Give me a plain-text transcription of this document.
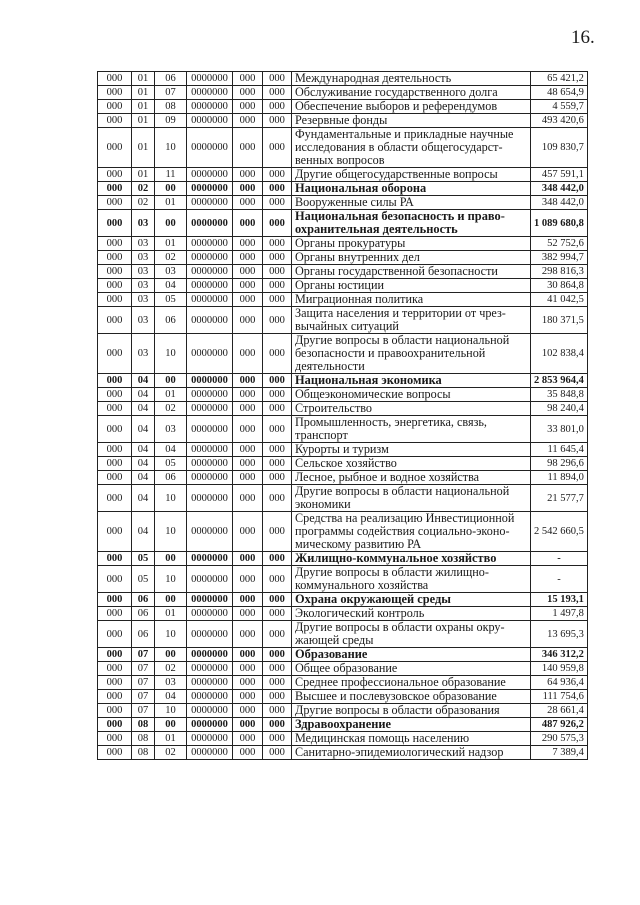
16.
000	01	06	0000000	000	000	Международная деятельность	65 421,2
000	01	07	0000000	000	000	Обслуживание государственного долга	48 654,9
000	01	08	0000000	000	000	Обеспечение выборов и референдумов	4 559,7
000	01	09	0000000	000	000	Резервные фонды	493 420,6
000	01	10	0000000	000	000	Фундаментальные и прикладные научные исследования в области общегосударст-венных вопросов	109 830,7
000	01	11	0000000	000	000	Другие общегосударственные вопросы	457 591,1
000	02	00	0000000	000	000	Национальная оборона	348 442,0
000	02	01	0000000	000	000	Вооруженные силы РА	348 442,0
000	03	00	0000000	000	000	Национальная безопасность и право-охранительная деятельность	1 089 680,8
000	03	01	0000000	000	000	Органы прокуратуры	52 752,6
000	03	02	0000000	000	000	Органы внутренних дел	382 994,7
000	03	03	0000000	000	000	Органы государственной безопасности	298 816,3
000	03	04	0000000	000	000	Органы юстиции	30 864,8
000	03	05	0000000	000	000	Миграционная политика	41 042,5
000	03	06	0000000	000	000	Защита населения и территории от чрез-вычайных ситуаций	180 371,5
000	03	10	0000000	000	000	Другие вопросы в области национальной безопасности и правоохранительной деятельности	102 838,4
000	04	00	0000000	000	000	Национальная экономика	2 853 964,4
000	04	01	0000000	000	000	Общеэкономические вопросы	35 848,8
000	04	02	0000000	000	000	Строительство	98 240,4
000	04	03	0000000	000	000	Промышленность, энергетика, связь, транспорт	33 801,0
000	04	04	0000000	000	000	Курорты и туризм	11 645,4
000	04	05	0000000	000	000	Сельское хозяйство	98 296,6
000	04	06	0000000	000	000	Лесное, рыбное и водное хозяйства	11 894,0
000	04	10	0000000	000	000	Другие вопросы в области национальной экономики	21 577,7
000	04	10	0000000	000	000	Средства на реализацию Инвестиционной программы содействия социально-эконо-мическому развитию РА	2 542 660,5
000	05	00	0000000	000	000	Жилищно-коммунальное хозяйство	-
000	05	10	0000000	000	000	Другие вопросы в области жилищно-коммунального хозяйства	-
000	06	00	0000000	000	000	Охрана окружающей среды	15 193,1
000	06	01	0000000	000	000	Экологический контроль	1 497,8
000	06	10	0000000	000	000	Другие вопросы в области охраны окру-жающей среды	13 695,3
000	07	00	0000000	000	000	Образование	346 312,2
000	07	02	0000000	000	000	Общее образование	140 959,8
000	07	03	0000000	000	000	Среднее профессиональное образование	64 936,4
000	07	04	0000000	000	000	Высшее и послевузовское образование	111 754,6
000	07	10	0000000	000	000	Другие вопросы в области образования	28 661,4
000	08	00	0000000	000	000	Здравоохранение	487 926,2
000	08	01	0000000	000	000	Медицинская помощь населению	290 575,3
000	08	02	0000000	000	000	Санитарно-эпидемиологический надзор	7 389,4
